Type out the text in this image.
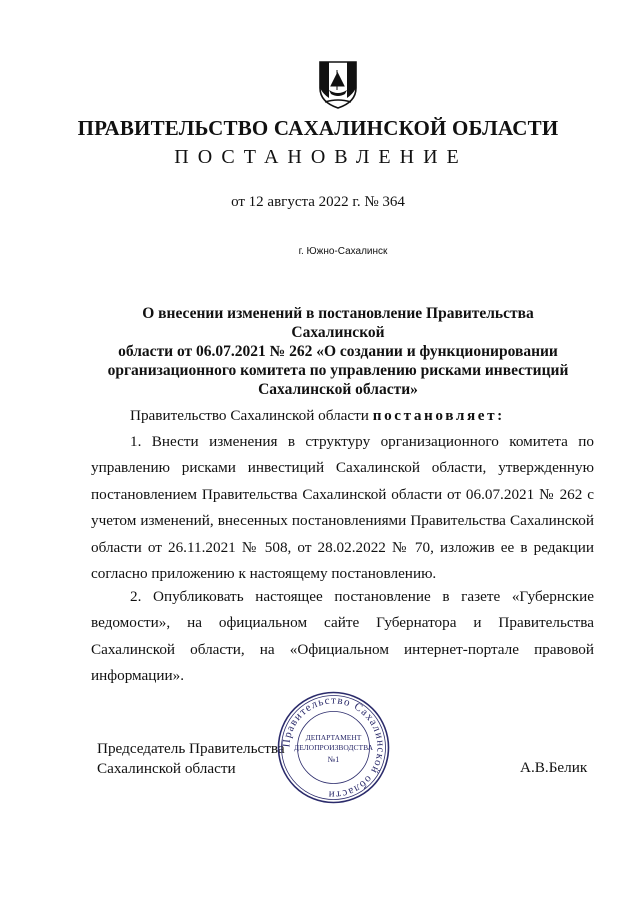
ПРАВИТЕЛЬСТВО САХАЛИНСКОЙ ОБЛАСТИ
ПОСТАНОВЛЕНИЕ
от 12 августа 2022 г. № 364
г. Южно-Сахалинск
О внесении изменений в постановление Правительства Сахалинской
области от 06.07.2021 № 262 «О создании и функционировании
организационного комитета по управлению рисками инвестиций
Сахалинской области»
Правительство Сахалинской области постановляет:
1. Внести изменения в структуру организационного комитета по управлению рисками инвестиций Сахалинской области, утвержденную постановлением Правительства Сахалинской области от 06.07.2021 № 262 с учетом изменений, внесенных постановлениями Правительства Сахалинской области от 26.11.2021 № 508, от 28.02.2022 № 70, изложив ее в редакции согласно приложению к настоящему постановлению.
2. Опубликовать настоящее постановление в газете «Губернские ведомости», на официальном сайте Губернатора и Правительства Сахалинской области, на «Официальном интернет-портале правовой информации».
Председатель Правительства
Сахалинской области	А.В.Белик
Правительство Сахалинской области
ДЕПАРТАМЕНТ
ДЕЛОПРОИЗВОДСТВА
№1
